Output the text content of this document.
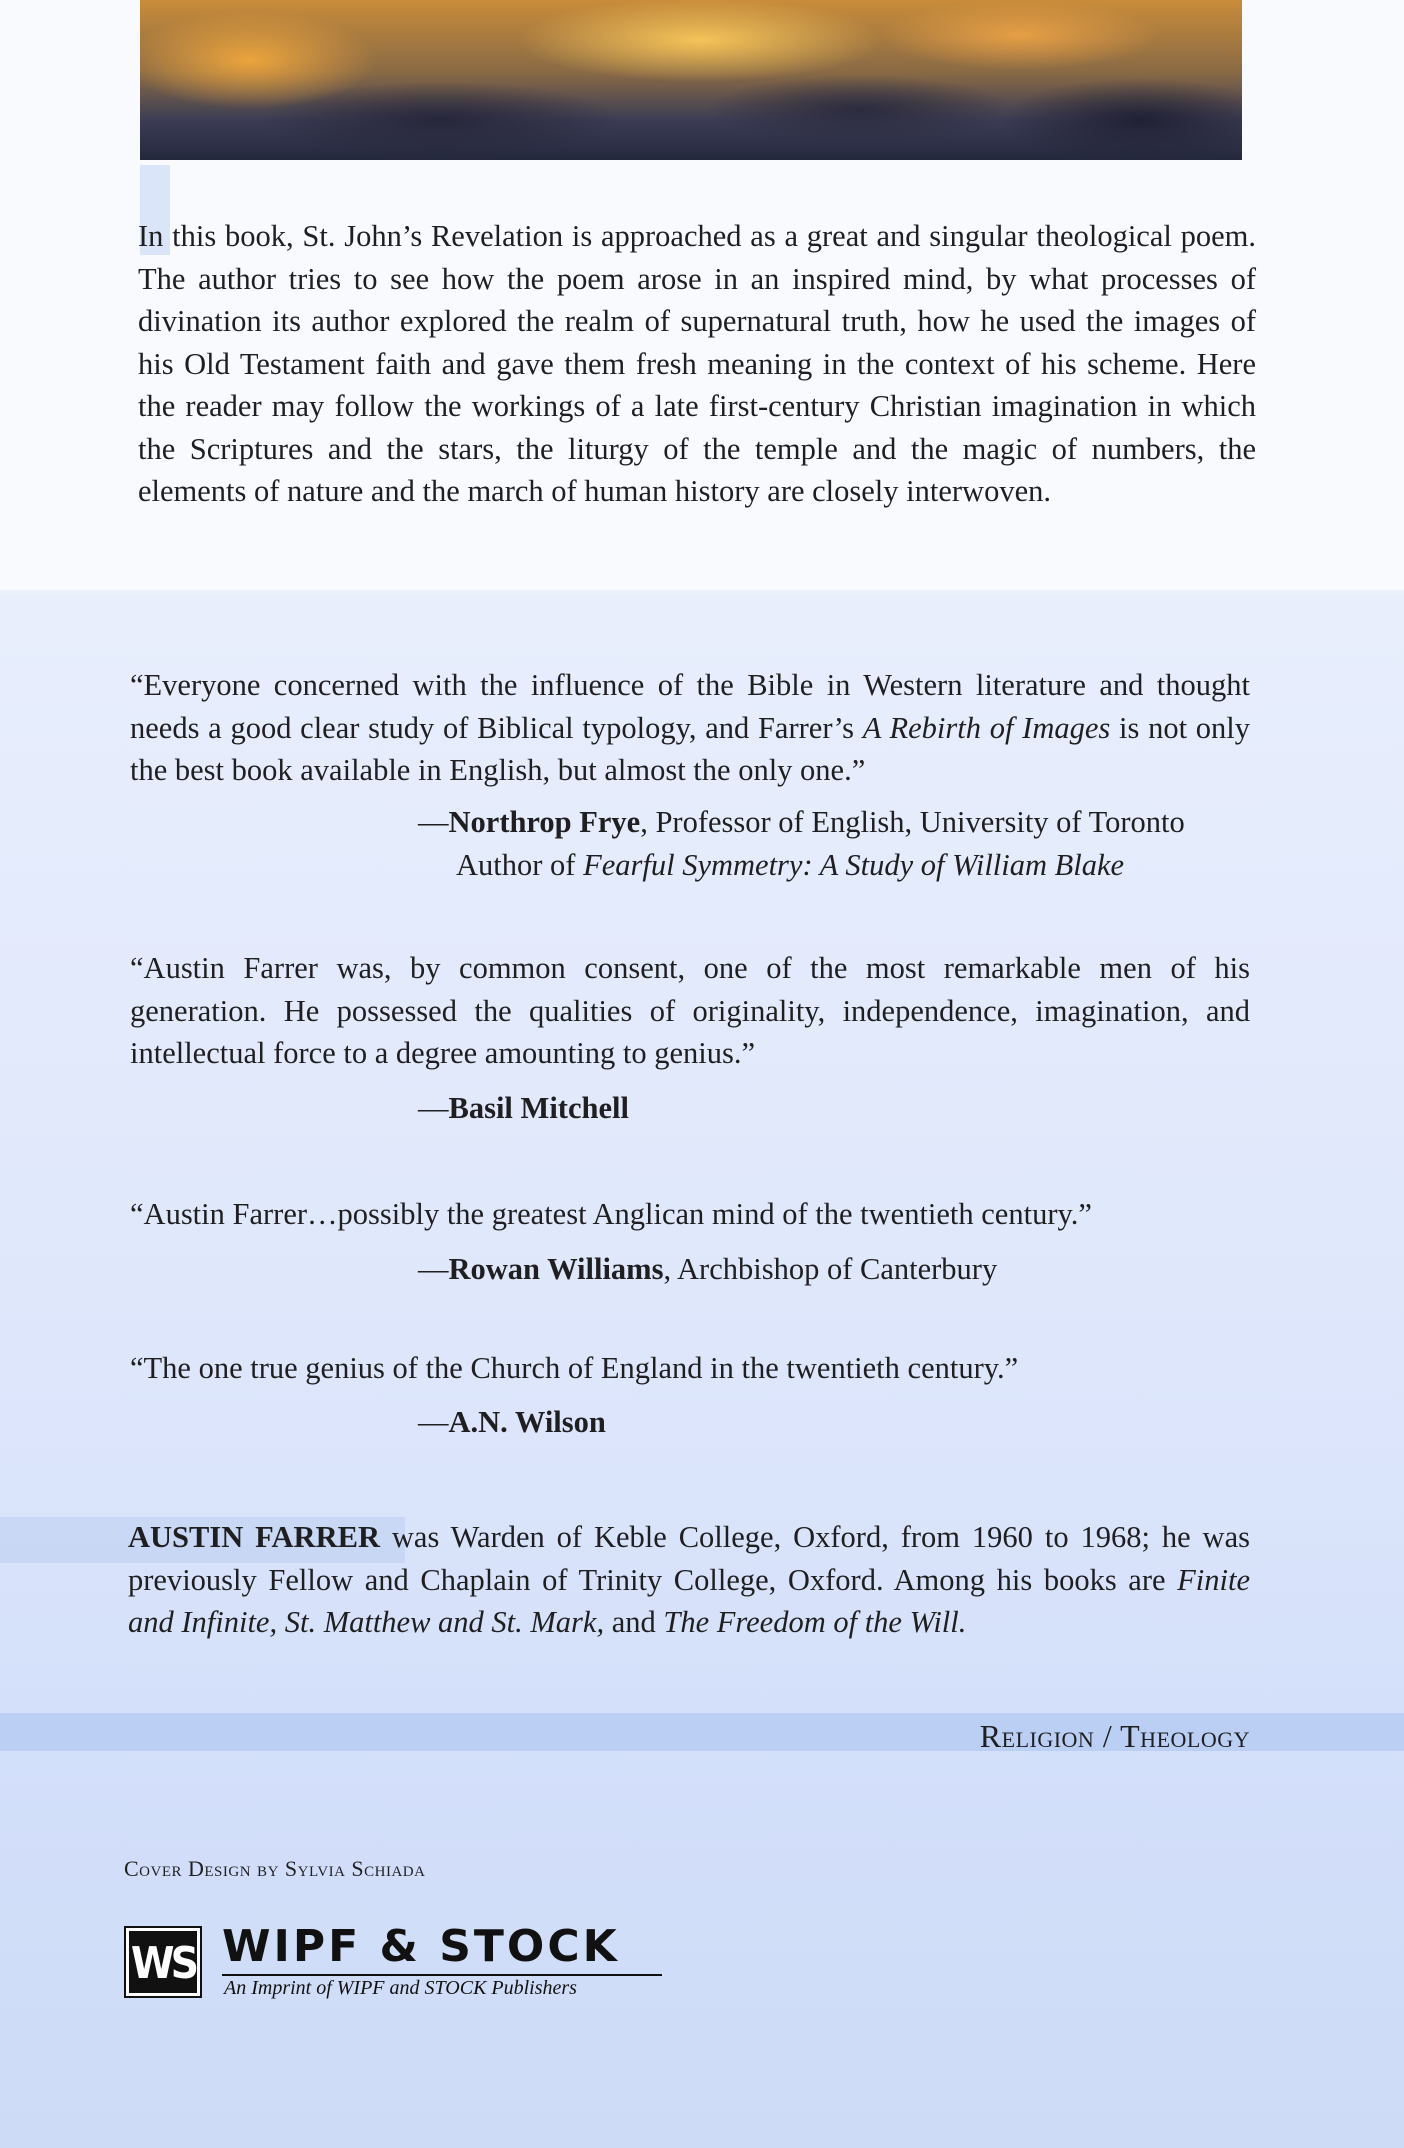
In this book, St. John’s Revelation is approached as a great and singular theological poem. The author tries to see how the poem arose in an inspired mind, by what processes of divination its author explored the realm of supernatural truth, how he used the images of his Old Testament faith and gave them fresh meaning in the context of his scheme. Here the reader may follow the workings of a late first-century Christian imagination in which the Scriptures and the stars, the liturgy of the temple and the magic of numbers, the elements of nature and the march of human history are closely interwoven.

“Everyone concerned with the influence of the Bible in Western literature and thought needs a good clear study of Biblical typology, and Farrer’s A Rebirth of Images is not only the best book available in English, but almost the only one.”
—Northrop Frye, Professor of English, University of Toronto
Author of Fearful Symmetry: A Study of William Blake
“Austin Farrer was, by common consent, one of the most remarkable men of his generation. He possessed the qualities of originality, independence, imagination, and intellectual force to a degree amounting to genius.”
—Basil Mitchell
“Austin Farrer…possibly the greatest Anglican mind of the twentieth century.”
—Rowan Williams, Archbishop of Canterbury
“The one true genius of the Church of England in the twentieth century.”
—A.N. Wilson
AUSTIN FARRER was Warden of Keble College, Oxford, from 1960 to 1968; he was previously Fellow and Chaplain of Trinity College, Oxford. Among his books are Finite and Infinite, St. Matthew and St. Mark, and The Freedom of the Will.
Religion / Theology
Cover Design by Sylvia Schiada
WS WIPF & STOCK
An Imprint of WIPF and STOCK Publishers
